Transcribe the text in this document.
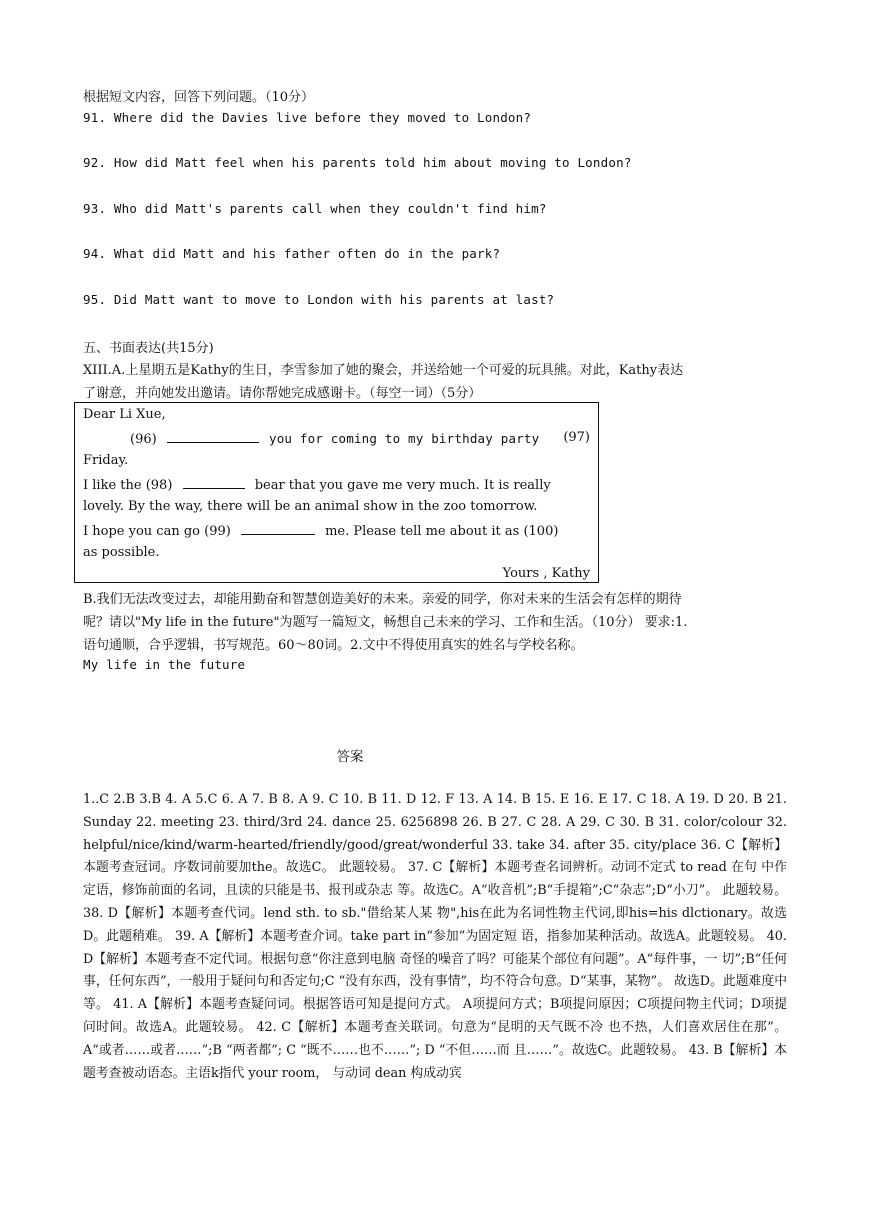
根据短文内容，回答下列问题。（10分）
91. Where did the Davies live before they moved to London?
92. How did Matt feel when his parents told him about moving to London?
93. Who did Matt's parents call when they couldn't find him?
94. What did Matt and his father often do in the park?
95. Did Matt want to move to London with his parents at last?
五、书面表达(共15分)
XIII.A.上星期五是Kathy的生日，李雪参加了她的聚会，并送给她一个可爱的玩具熊。对此，Kathy表达
了谢意，并向她发出邀请。请你帮她完成感谢卡。（每空一词）（5分）
Dear Li Xue,
(96)	you for coming to my birthday party (97)
Friday.
I like the (98)	bear that you gave me very much. It is really
lovely. By the way, there will be an animal show in the zoo tomorrow.
I hope you can go (99)	me. Please tell me about it as (100)
as possible.
Yours , Kathy
B.我们无法改变过去，却能用勤奋和智慧创造美好的未来。亲爱的同学，你对未来的生活会有怎样的期待
呢？请以"My life in the future"为题写一篇短文，畅想自己未来的学习、工作和生活。（10分） 要求:1.
语句通顺，合乎逻辑，书写规范。60～80词。2.文中不得使用真实的姓名与学校名称。
My life in the future
答案
1..C 2.B 3.B 4. A 5.C 6. A 7. B 8. A 9. C 10. B 11. D 12. F 13. A 14. B 15. E 16. E 17. C 18. A 19. D 20. B 21. Sunday 22. meeting 23. third/3rd 24. dance 25. 6256898 26. B 27. C 28. A 29. C 30. B 31. color/colour 32. helpful/nice/kind/warm-hearted/friendly/good/great/wonderful 33. take 34. after 35. city/place 36. C【解析】本题考查冠词。序数词前要加the。故选C。 此题较易。 37. C【解析】本题考查名词辨析。动词不定式 to read 在句 中作定语，修饰前面的名词，且读的只能是书、报刊或杂志 等。故选C。A“收音机”;B“手提箱”;C“杂志”;D“小刀”。 此题较易。 38. D【解析】本题考查代词。lend sth. to sb."借给某人某 物",his在此为名词性物主代词,即his=his dlctionary。故选D。此题稍难。 39. A【解析】本题考查介词。take part in“参加”为固定短 语，指参加某种活动。故选A。此题较易。 40. D【解析】本题考查不定代词。根据句意“你注意到电脑 奇怪的噪音了吗？可能某个部位有问题”。A“每件事，一 切”;B“任何事，任何东西”，一般用于疑问句和否定句;C “没有东西，没有事情”，均不符合句意。D“某事，某物”。 故选D。此题难度中等。 41. A【解析】本题考查疑问词。根据答语可知是提问方式。 A项提问方式；B项提问原因；C项提问物主代词；D项提 问时间。故选A。此题较易。 42. C【解析】本题考查关联词。句意为“昆明的天气既不冷 也不热，人们喜欢居住在那”。A“或者……或者……”;B “两者都”; C “既不……也不……”; D “不但……而 且……”。故选C。此题较易。 43. B【解析】本题考查被动语态。主语k指代 your room， 与动词 dean 构成动宾
